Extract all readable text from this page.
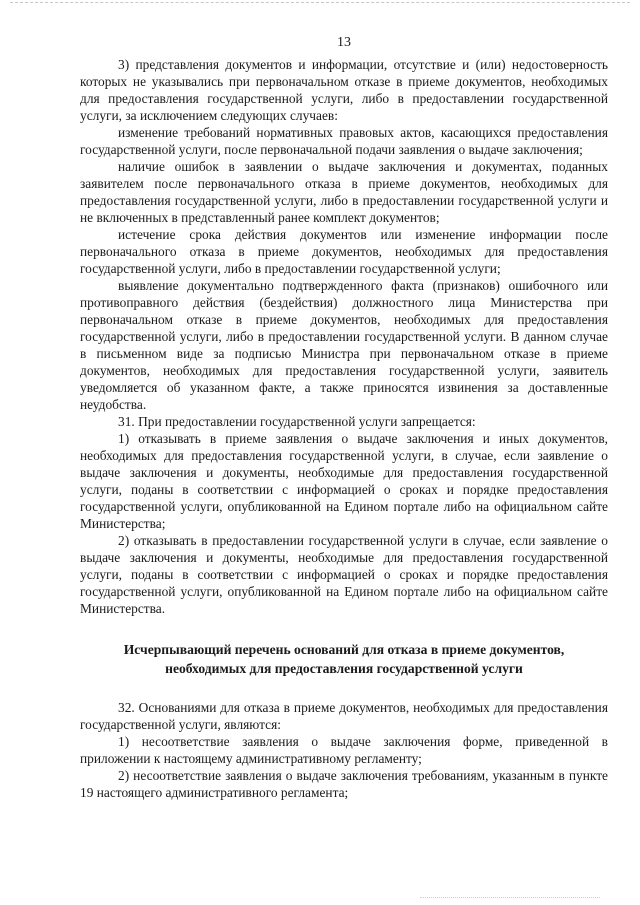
13

3) представления документов и информации, отсутствие и (или) недостоверность которых не указывались при первоначальном отказе в приеме документов, необходимых для предоставления государственной услуги, либо в предоставлении государственной услуги, за исключением следующих случаев:

изменение требований нормативных правовых актов, касающихся предоставления государственной услуги, после первоначальной подачи заявления о выдаче заключения;

наличие ошибок в заявлении о выдаче заключения и документах, поданных заявителем после первоначального отказа в приеме документов, необходимых для предоставления государственной услуги, либо в предоставлении государственной услуги и не включенных в представленный ранее комплект документов;

истечение срока действия документов или изменение информации после первоначального отказа в приеме документов, необходимых для предоставления государственной услуги, либо в предоставлении государственной услуги;

выявление документально подтвержденного факта (признаков) ошибочного или противоправного действия (бездействия) должностного лица Министерства при первоначальном отказе в приеме документов, необходимых для предоставления государственной услуги, либо в предоставлении государственной услуги. В данном случае в письменном виде за подписью Министра при первоначальном отказе в приеме документов, необходимых для предоставления государственной услуги, заявитель уведомляется об указанном факте, а также приносятся извинения за доставленные неудобства.

31. При предоставлении государственной услуги запрещается:

1) отказывать в приеме заявления о выдаче заключения и иных документов, необходимых для предоставления государственной услуги, в случае, если заявление о выдаче заключения и документы, необходимые для предоставления государственной услуги, поданы в соответствии с информацией о сроках и порядке предоставления государственной услуги, опубликованной на Едином портале либо на официальном сайте Министерства;

2) отказывать в предоставлении государственной услуги в случае, если заявление о выдаче заключения и документы, необходимые для предоставления государственной услуги, поданы в соответствии с информацией о сроках и порядке предоставления государственной услуги, опубликованной на Едином портале либо на официальном сайте Министерства.

Исчерпывающий перечень оснований для отказа в приеме документов,
необходимых для предоставления государственной услуги

32. Основаниями для отказа в приеме документов, необходимых для предоставления государственной услуги, являются:

1) несоответствие заявления о выдаче заключения форме, приведенной в приложении к настоящему административному регламенту;

2) несоответствие заявления о выдаче заключения требованиям, указанным в пункте 19 настоящего административного регламента;
